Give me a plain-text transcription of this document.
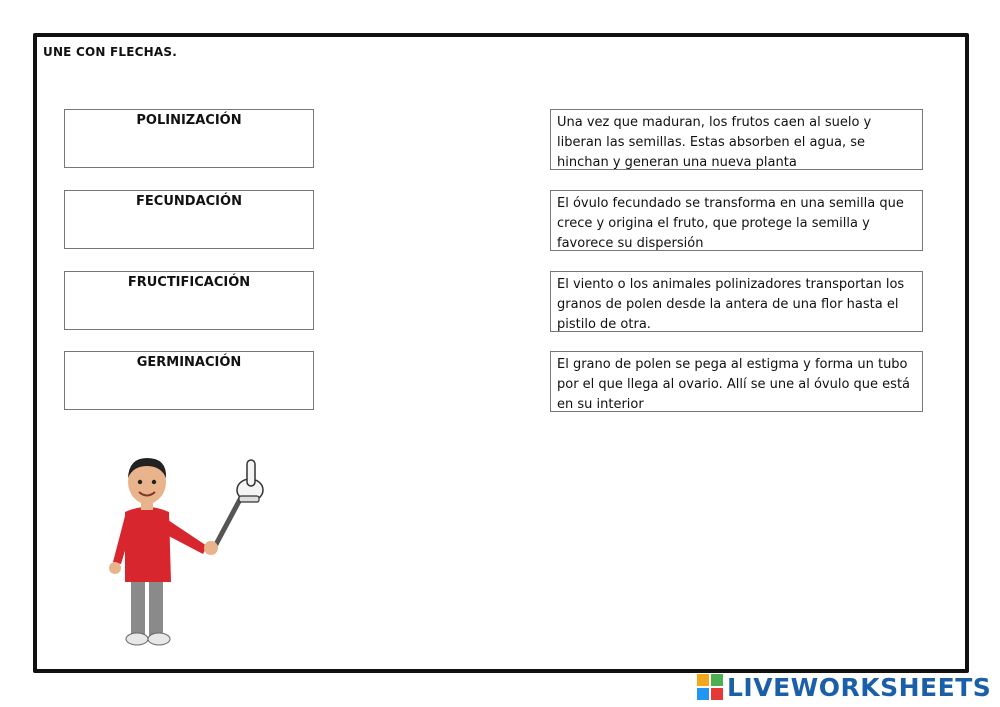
UNE CON FLECHAS.
POLINIZACIÓN
FECUNDACIÓN
FRUCTIFICACIÓN
GERMINACIÓN
Una vez que maduran, los frutos caen al suelo y liberan las semillas. Estas absorben el agua, se hinchan y generan una nueva planta
El óvulo fecundado se transforma en una semilla que crece y origina el fruto, que protege la semilla y favorece su dispersión
El viento o los animales polinizadores transportan los granos de polen desde la antera de una flor hasta el pistilo de otra.
El grano de polen se pega al estigma y forma un tubo por el que llega al ovario. Allí se une al óvulo que está en su interior
LIVEWORKSHEETS
